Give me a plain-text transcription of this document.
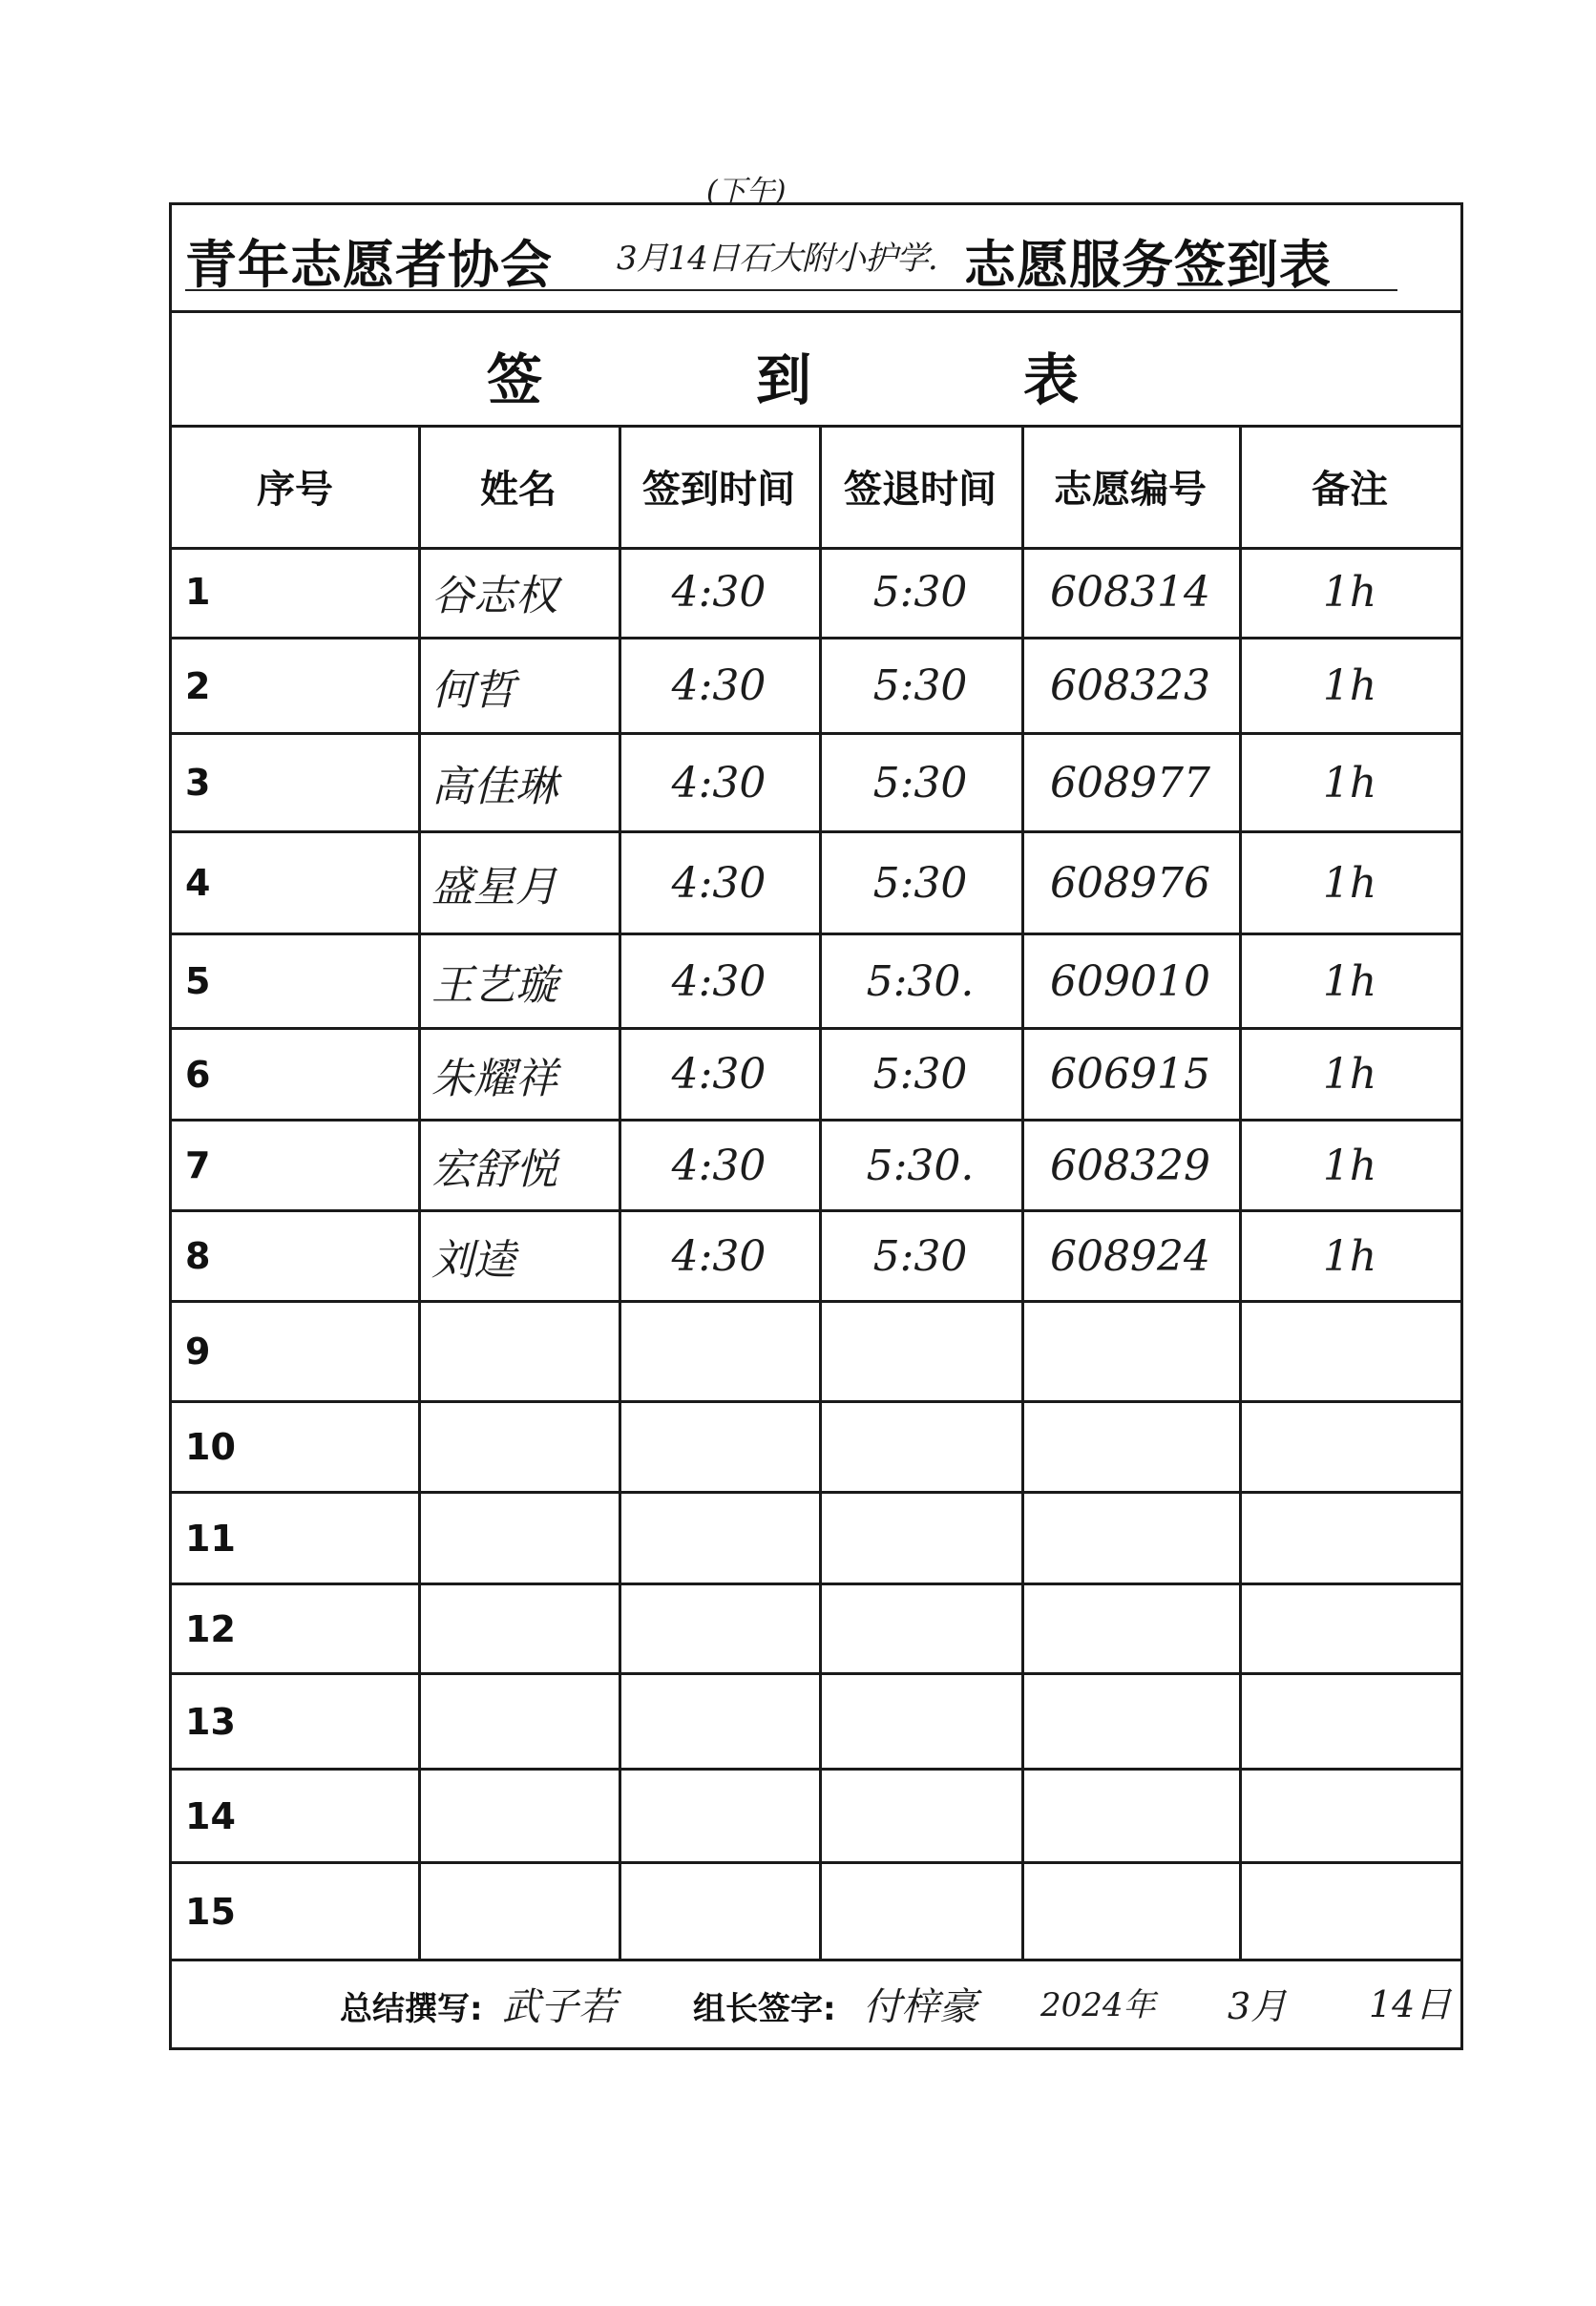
青年志愿者协会
(下午)
3月14日石大附小护学. 志愿服务签到表
签	到	表
序号	姓名	签到时间	签退时间	志愿编号	备注
1	谷志权	4:30	5:30	608314	1h
2	何哲	4:30	5:30	608323	1h
3	高佳琳	4:30	5:30	608977	1h
4	盛星月	4:30	5:30	608976	1h
5	王艺璇	4:30	5:30.	609010	1h
6	朱耀祥	4:30	5:30	606915	1h
7	宏舒悦	4:30	5:30.	608329	1h
8	刘逵	4:30	5:30	608924	1h
9
10
11
12
13
14
15
总结撰写: 武子若 组长签字: 付梓豪 2024年 3月 14日
